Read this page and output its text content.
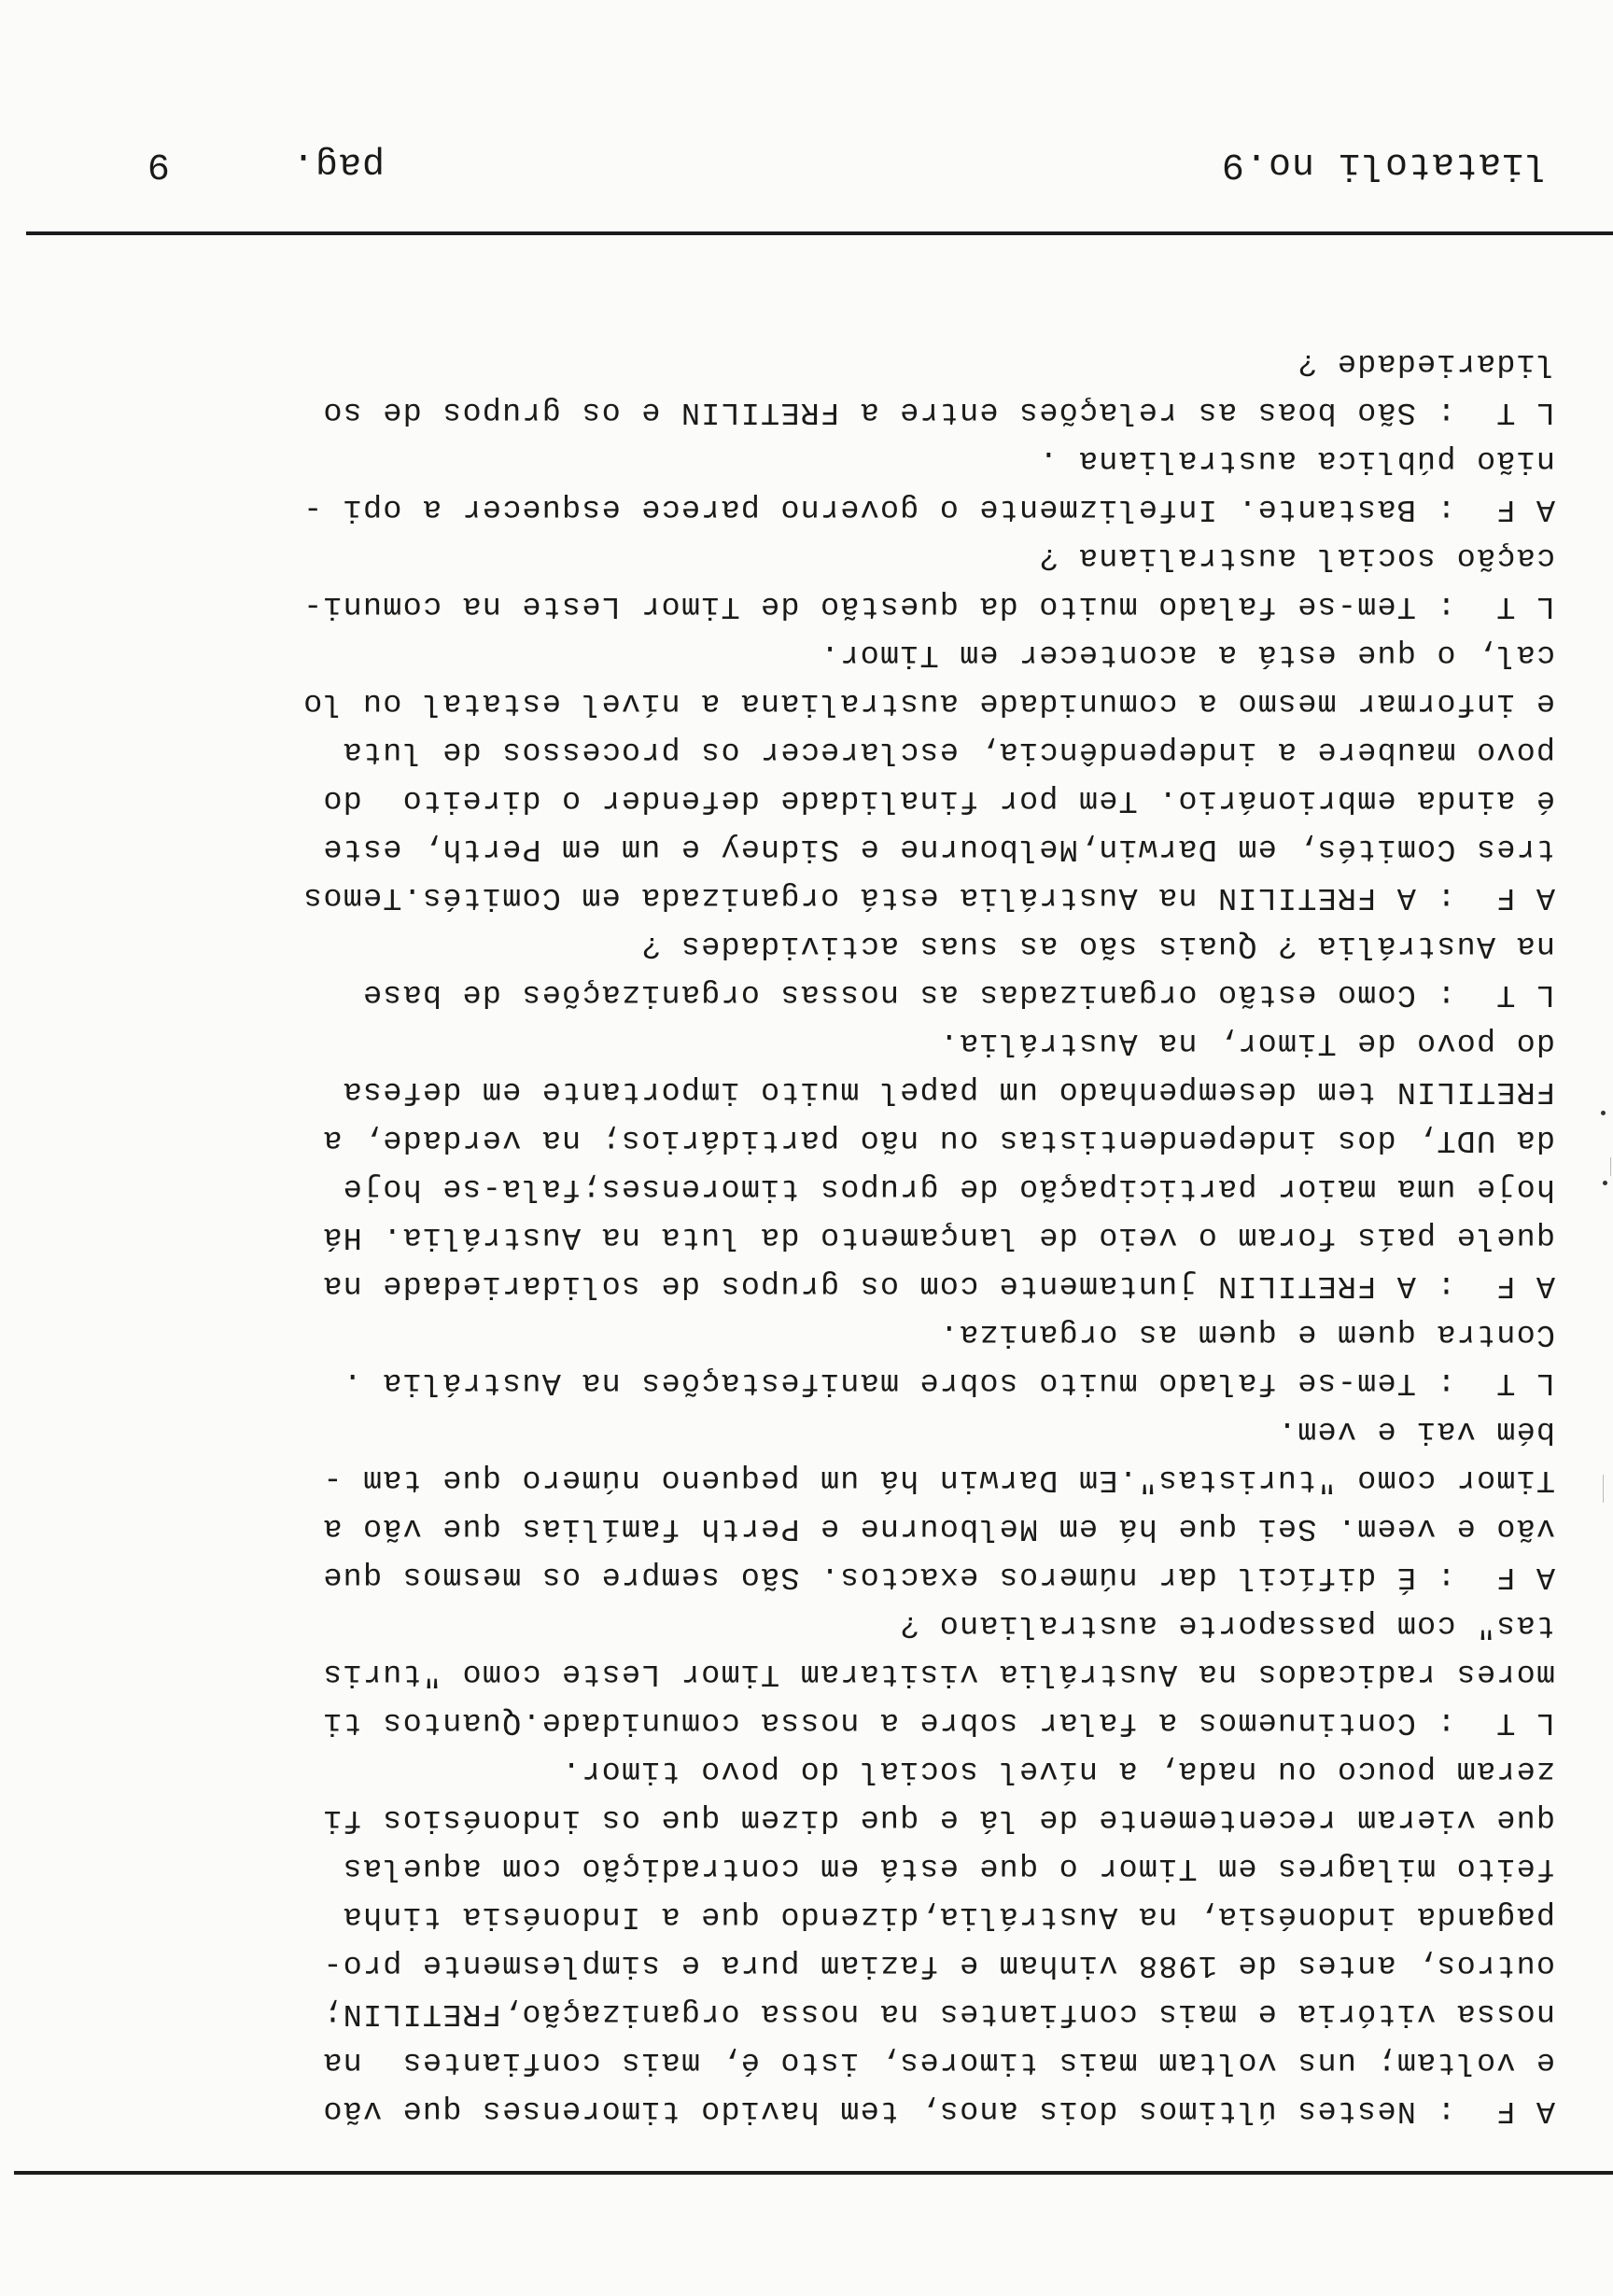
A F  : Nestes últimos dois anos, tem havido timorenses que vão
e voltam; uns voltam mais timores, isto é, mais confiantes  na
nossa vitória e mais confiantes na nossa organização,FRETILIN;
outros, antes de 1988 vinham e faziam pura e simplesmente pro-
paganda indonésia, na Austrália,dizendo que a Indonésia tinha
feito milagres em Timor o que está em contradição com aquelas
que vieram recentemente de lá e que dizem que os indonésios fi
zeram pouco ou nada, a nível social do povo timor.
L T  : Continuemos a falar sobre a nossa comunidade.Quantos ti
mores radicados na Austrália visitaram Timor Leste como "turis
tas" com passaporte australiano ?
A F  : É difícil dar números exactos. São sempre os mesmos que
vão e veem. Sei que há em Melbourne e Perth famílias que vão a
Timor como "turistas".Em Darwin há um pequeno número que tam -
bém vai e vem.
L T  : Tem-se falado muito sobre manifestações na Austrália .
Contra quem e quem as organiza.
A F  : A FRETILIN juntamente com os grupos de solidariedade na
quele país foram o veio de lançamento da luta na Austrália. Há
hoje uma maior participação de grupos timorenses;fala-se hoje
da UDT, dos independentistas ou não partidários; na verdade, a
FRETILIN tem desempenhado um papel muito importante em defesa
do povo de Timor, na Austrália.
L T  : Como estão organizadas as nossas organizações de base
na Austrália ? Quais são as suas actividades ?
A F  : A FRETILIN na Austrália está organizada em Comités.Temos
tres Comités, em Darwin,Melbourne e Sidney e um em Perth, este
é ainda embrionário. Tem por finalidade defender o direito  do
povo maubere a independência, esclarecer os processos de luta
e informar mesmo a comunidade australiana a nível estatal ou lo
cal, o que está a acontecer em Timor.
L T  : Tem-se falado muito da questão de Timor Leste na comuni-
cação social australiana ?
A F  : Bastante. Infelizmente o governo parece esquecer a opi -
nião pública australiana .
L T  : São boas as relações entre a FRETILIN e os grupos de so
lidariedade ?
liatatoli no.9
pag.
9
